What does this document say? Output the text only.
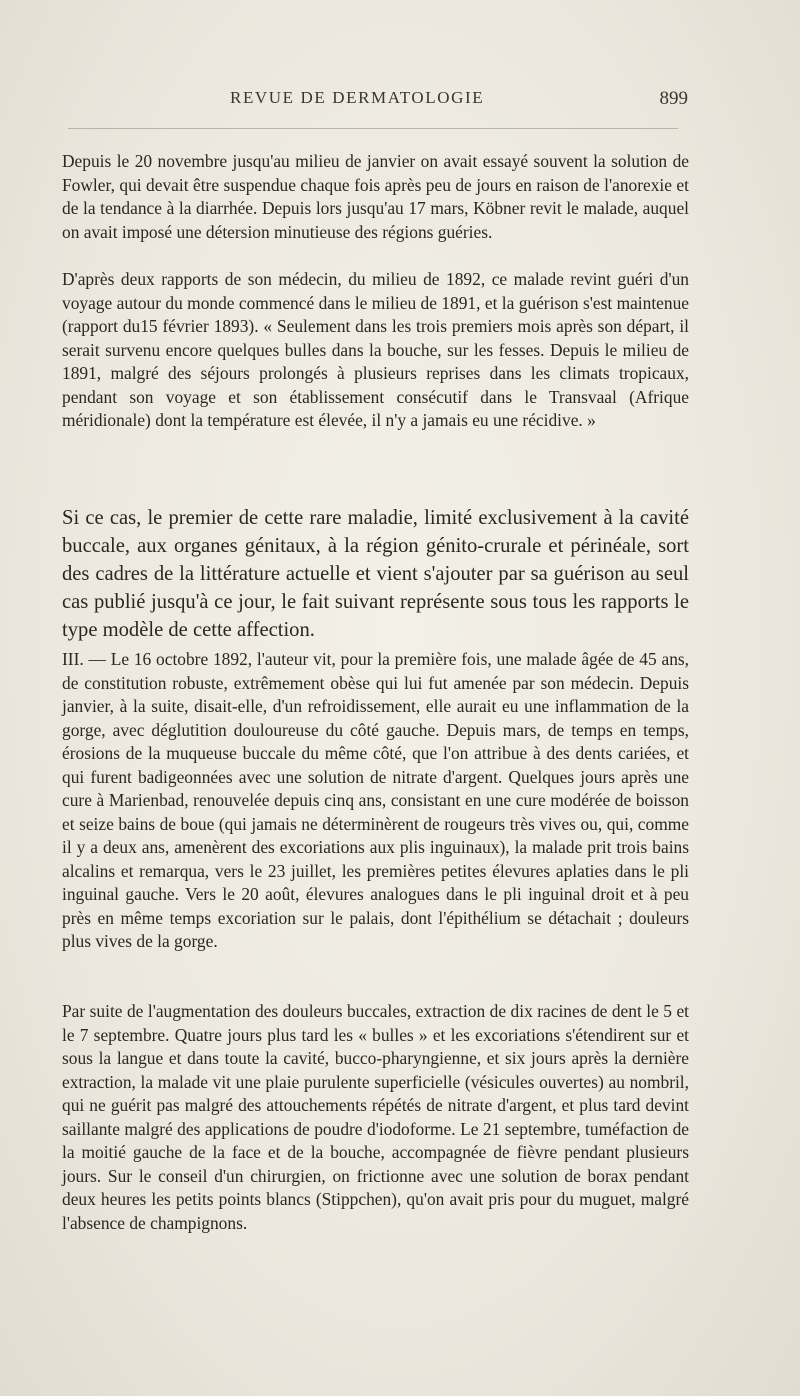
REVUE DE DERMATOLOGIE	899

Depuis le 20 novembre jusqu'au milieu de janvier on avait essayé souvent la solution de Fowler, qui devait être suspendue chaque fois après peu de jours en raison de l'anorexie et de la tendance à la diarrhée. Depuis lors jusqu'au 17 mars, Köbner revit le malade, auquel on avait imposé une détersion minutieuse des régions guéries.

D'après deux rapports de son médecin, du milieu de 1892, ce malade revint guéri d'un voyage autour du monde commencé dans le milieu de 1891, et la guérison s'est maintenue (rapport du15 février 1893). « Seulement dans les trois premiers mois après son départ, il serait survenu encore quelques bulles dans la bouche, sur les fesses. Depuis le milieu de 1891, malgré des séjours prolongés à plusieurs reprises dans les climats tropicaux, pendant son voyage et son établissement consécutif dans le Transvaal (Afrique méridionale) dont la température est élevée, il n'y a jamais eu une récidive. »

Si ce cas, le premier de cette rare maladie, limité exclusivement à la cavité buccale, aux organes génitaux, à la région génito-crurale et périnéale, sort des cadres de la littérature actuelle et vient s'ajouter par sa guérison au seul cas publié jusqu'à ce jour, le fait suivant représente sous tous les rapports le type modèle de cette affection.

III. — Le 16 octobre 1892, l'auteur vit, pour la première fois, une malade âgée de 45 ans, de constitution robuste, extrêmement obèse qui lui fut amenée par son médecin. Depuis janvier, à la suite, disait-elle, d'un refroidissement, elle aurait eu une inflammation de la gorge, avec déglutition douloureuse du côté gauche. Depuis mars, de temps en temps, érosions de la muqueuse buccale du même côté, que l'on attribue à des dents cariées, et qui furent badigeonnées avec une solution de nitrate d'argent. Quelques jours après une cure à Marienbad, renouvelée depuis cinq ans, consistant en une cure modérée de boisson et seize bains de boue (qui jamais ne déterminèrent de rougeurs très vives ou, qui, comme il y a deux ans, amenèrent des excoriations aux plis inguinaux), la malade prit trois bains alcalins et remarqua, vers le 23 juillet, les premières petites élevures aplaties dans le pli inguinal gauche. Vers le 20 août, élevures analogues dans le pli inguinal droit et à peu près en même temps excoriation sur le palais, dont l'épithélium se détachait ; douleurs plus vives de la gorge.

Par suite de l'augmentation des douleurs buccales, extraction de dix racines de dent le 5 et le 7 septembre. Quatre jours plus tard les « bulles » et les excoriations s'étendirent sur et sous la langue et dans toute la cavité, bucco-pharyngienne, et six jours après la dernière extraction, la malade vit une plaie purulente superficielle (vésicules ouvertes) au nombril, qui ne guérit pas malgré des attouchements répétés de nitrate d'argent, et plus tard devint saillante malgré des applications de poudre d'iodoforme. Le 21 septembre, tuméfaction de la moitié gauche de la face et de la bouche, accompagnée de fièvre pendant plusieurs jours. Sur le conseil d'un chirurgien, on frictionne avec une solution de borax pendant deux heures les petits points blancs (Stippchen), qu'on avait pris pour du muguet, malgré l'absence de champignons.
